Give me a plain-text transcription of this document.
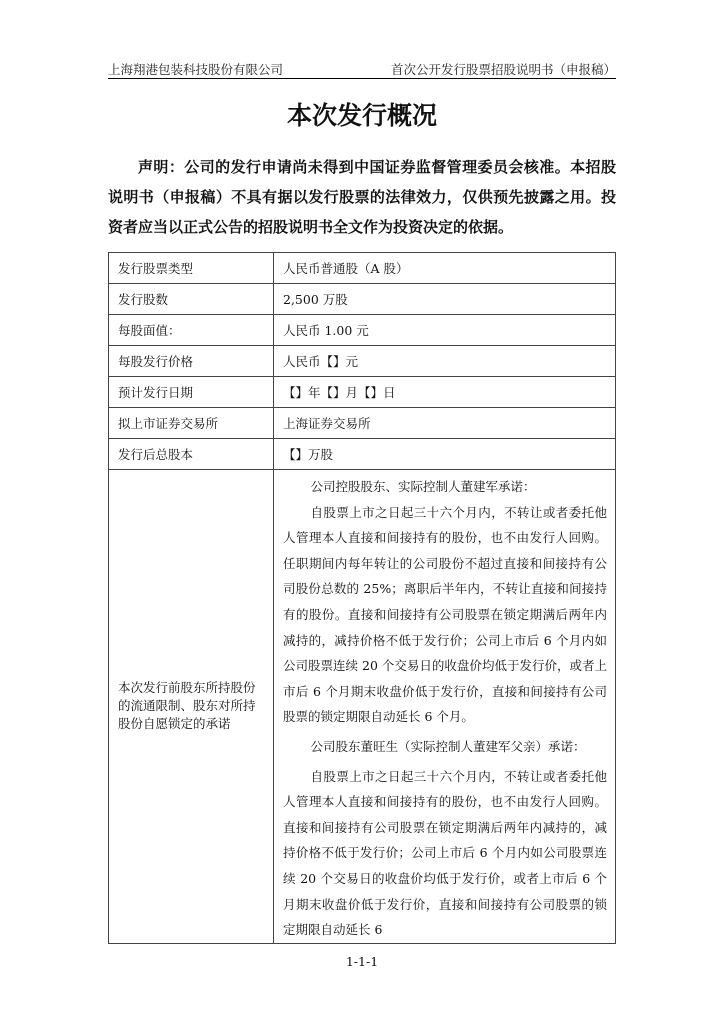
上海翔港包装科技股份有限公司	首次公开发行股票招股说明书（申报稿）
本次发行概况

声明：公司的发行申请尚未得到中国证券监督管理委员会核准。本招股说明书（申报稿）不具有据以发行股票的法律效力，仅供预先披露之用。投资者应当以正式公告的招股说明书全文作为投资决定的依据。

发行股票类型	人民币普通股（A 股）
发行股数	2,500 万股
每股面值：	人民币 1.00 元
每股发行价格	人民币【】元
预计发行日期	【】年【】月【】日
拟上市证券交易所	上海证券交易所
发行后总股本	【】万股
本次发行前股东所持股份的流通限制、股东对所持股份自愿锁定的承诺	公司控股股东、实际控制人董建军承诺：

自股票上市之日起三十六个月内，不转让或者委托他人管理本人直接和间接持有的股份，也不由发行人回购。任职期间内每年转让的公司股份不超过直接和间接持有公司股份总数的 25%；离职后半年内，不转让直接和间接持有的股份。直接和间接持有公司股票在锁定期满后两年内减持的，减持价格不低于发行价；公司上市后 6 个月内如公司股票连续 20 个交易日的收盘价均低于发行价，或者上市后 6 个月期末收盘价低于发行价，直接和间接持有公司股票的锁定期限自动延长 6 个月。

公司股东董旺生（实际控制人董建军父亲）承诺：

自股票上市之日起三十六个月内，不转让或者委托他人管理本人直接和间接持有的股份，也不由发行人回购。直接和间接持有公司股票在锁定期满后两年内减持的，减持价格不低于发行价；公司上市后 6 个月内如公司股票连续 20 个交易日的收盘价均低于发行价，或者上市后 6 个月期末收盘价低于发行价，直接和间接持有公司股票的锁定期限自动延长 6

1-1-1
